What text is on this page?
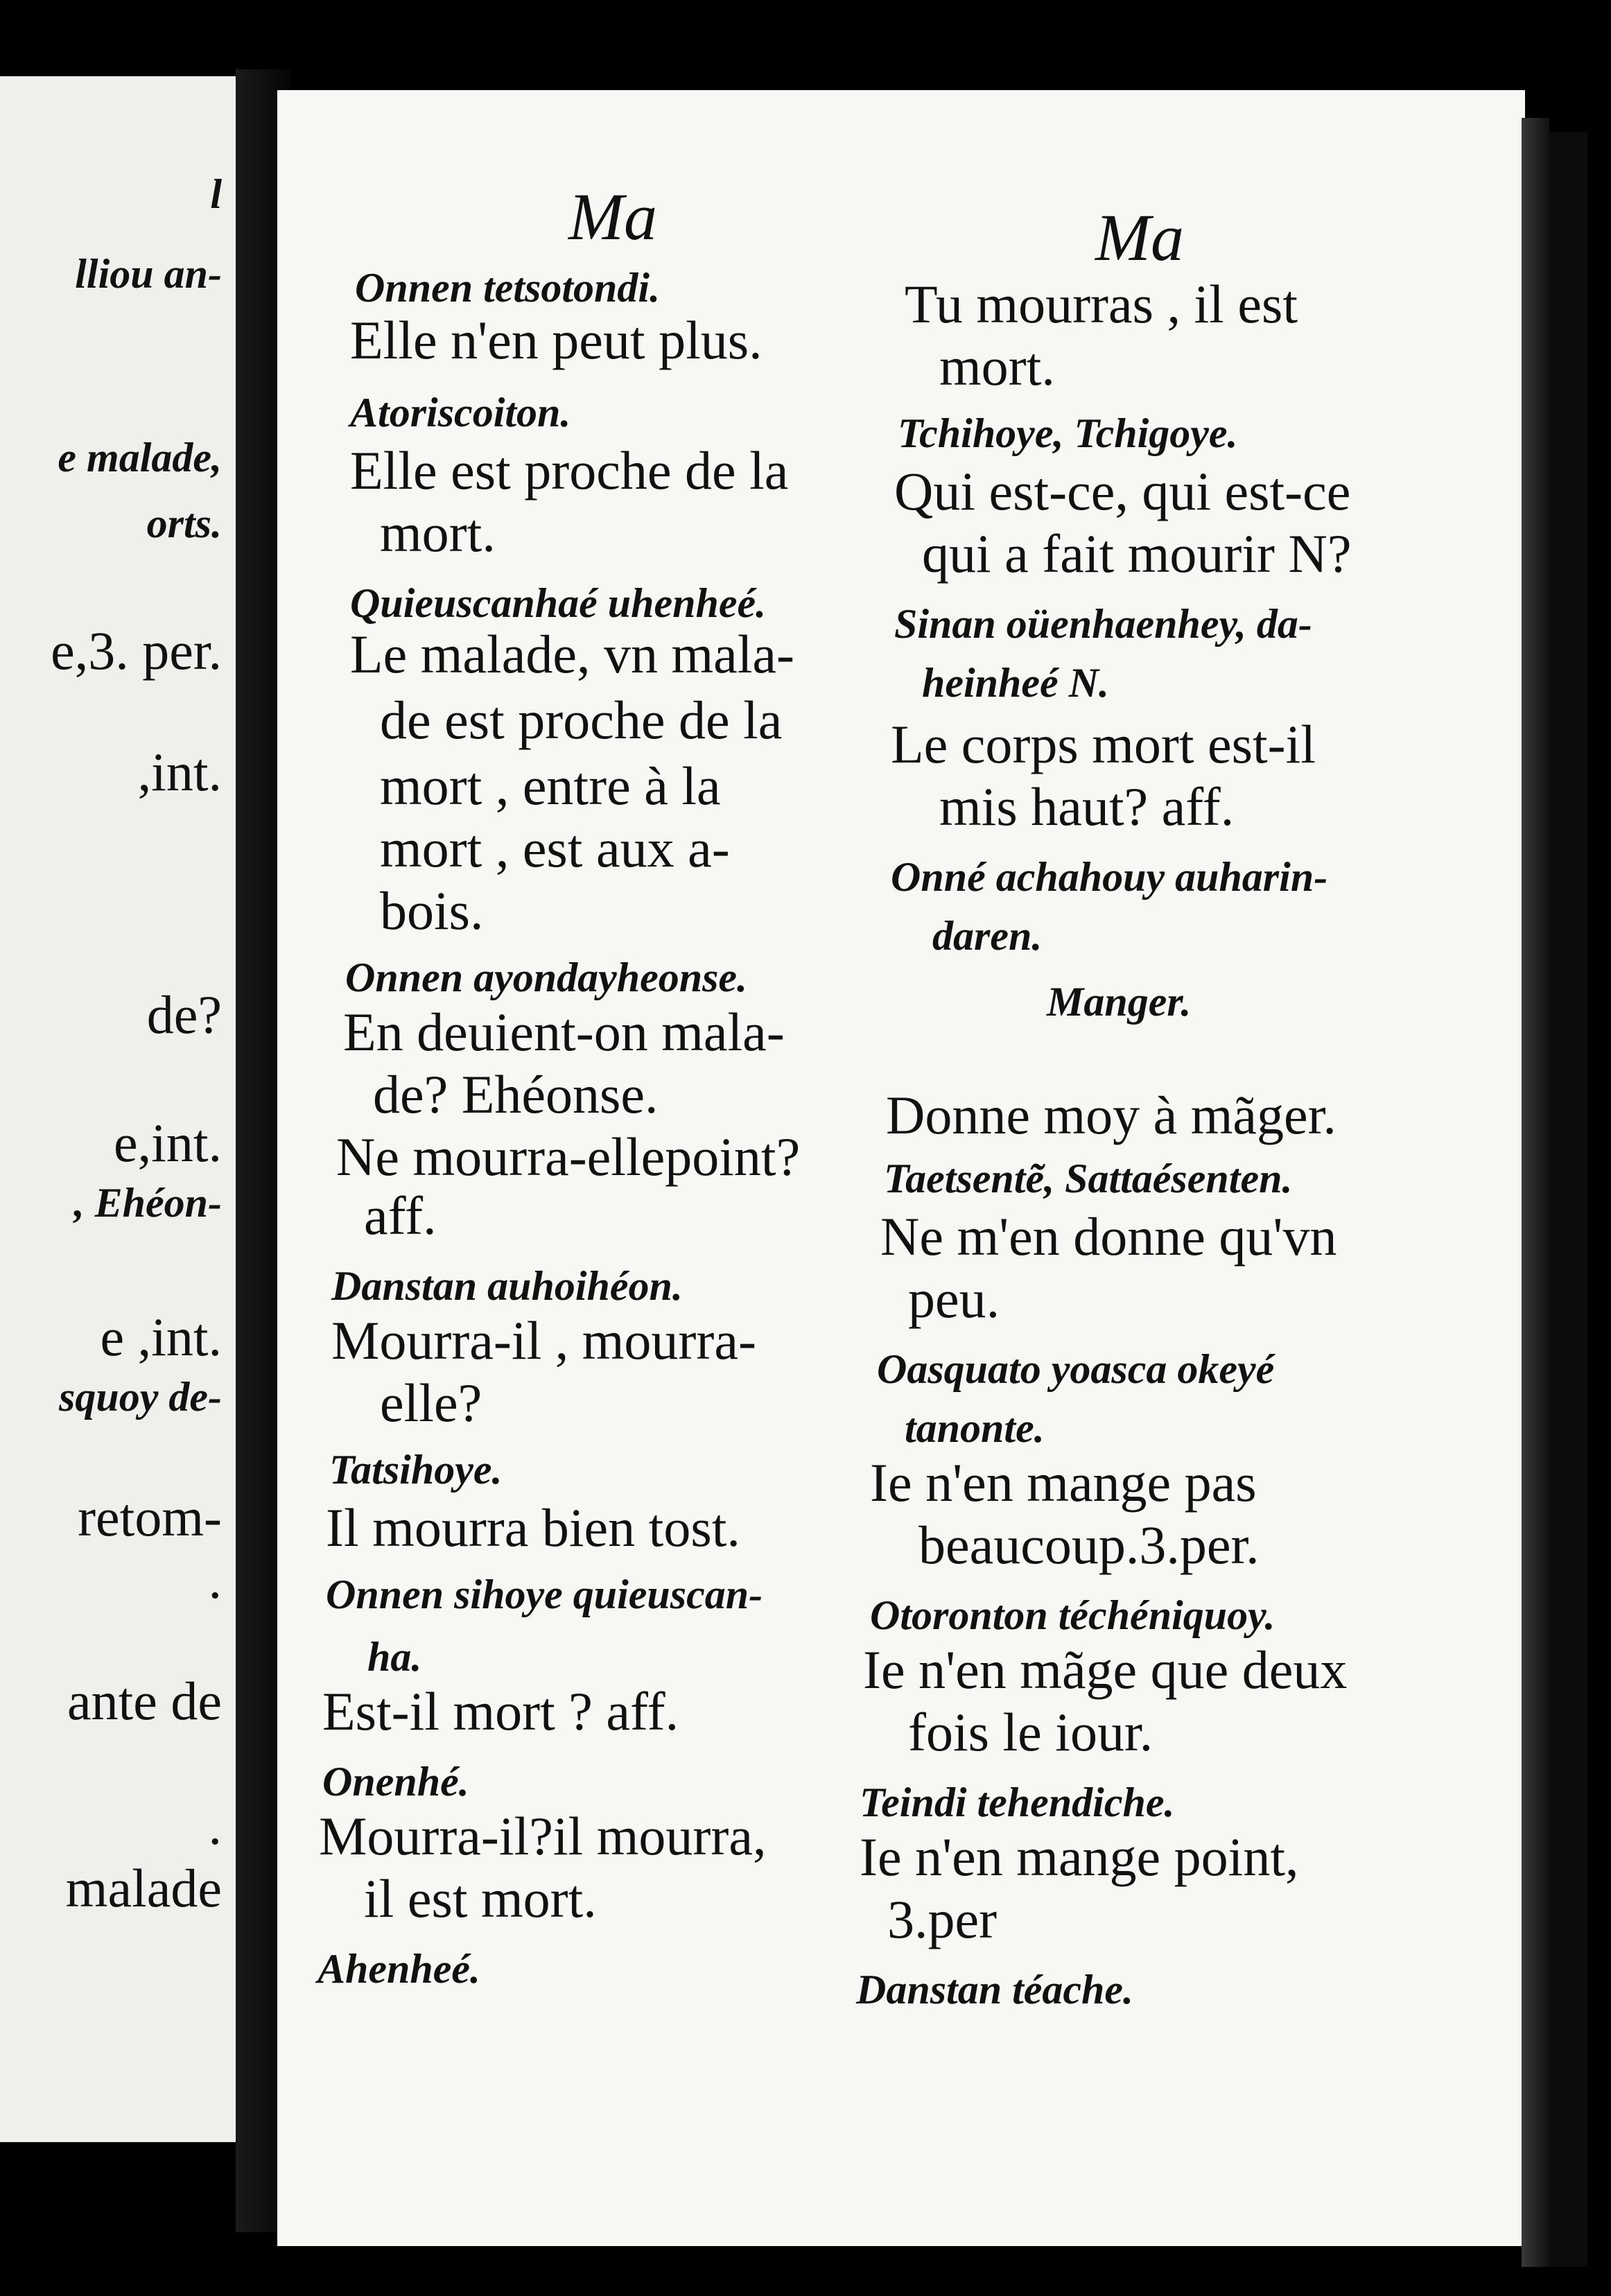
l
lliou an-
e malade,
orts.
e,3. per.
,int.
de?
e,int.
, Ehéon-
e ,int.
squoy de-
retom-
.
ante de
.
malade
Ma	Ma
Onnen tetsotondi.
Elle n'en peut plus.
Atoriscoiton.
Elle est proche de la
mort.
Quieuscanhaé uhenheé.
Le malade, vn mala-
de est proche de la
mort , entre à la
mort , est aux a-
bois.
Onnen ayondayheonse.
En deuient-on mala-
de? Ehéonse.
Ne mourra-ellepoint?
aff.
Danstan auhoihéon.
Mourra-il , mourra-
elle?
Tatsihoye.
Il mourra bien tost.
Onnen sihoye quieuscan-
ha.
Est-il mort ? aff.
Onenhé.
Mourra-il?il mourra,
il est mort.
Ahenheé.
Tu mourras , il est
mort.
Tchihoye, Tchigoye.
Qui est-ce, qui est-ce
qui a fait mourir N?
Sinan oüenhaenhey, da-
heinheé N.
Le corps mort est-il
mis haut? aff.
Onné achahouy auharin-
daren.
Manger.
Donne moy à mãger.
Taetsentẽ, Sattaésenten.
Ne m'en donne qu'vn
peu.
Oasquato yoasca okeyé
tanonte.
Ie n'en mange pas
beaucoup.3.per.
Otoronton téchéniquoy.
Ie n'en mãge que deux
fois le iour.
Teindi tehendiche.
Ie n'en mange point,
3.per
Danstan téache.
